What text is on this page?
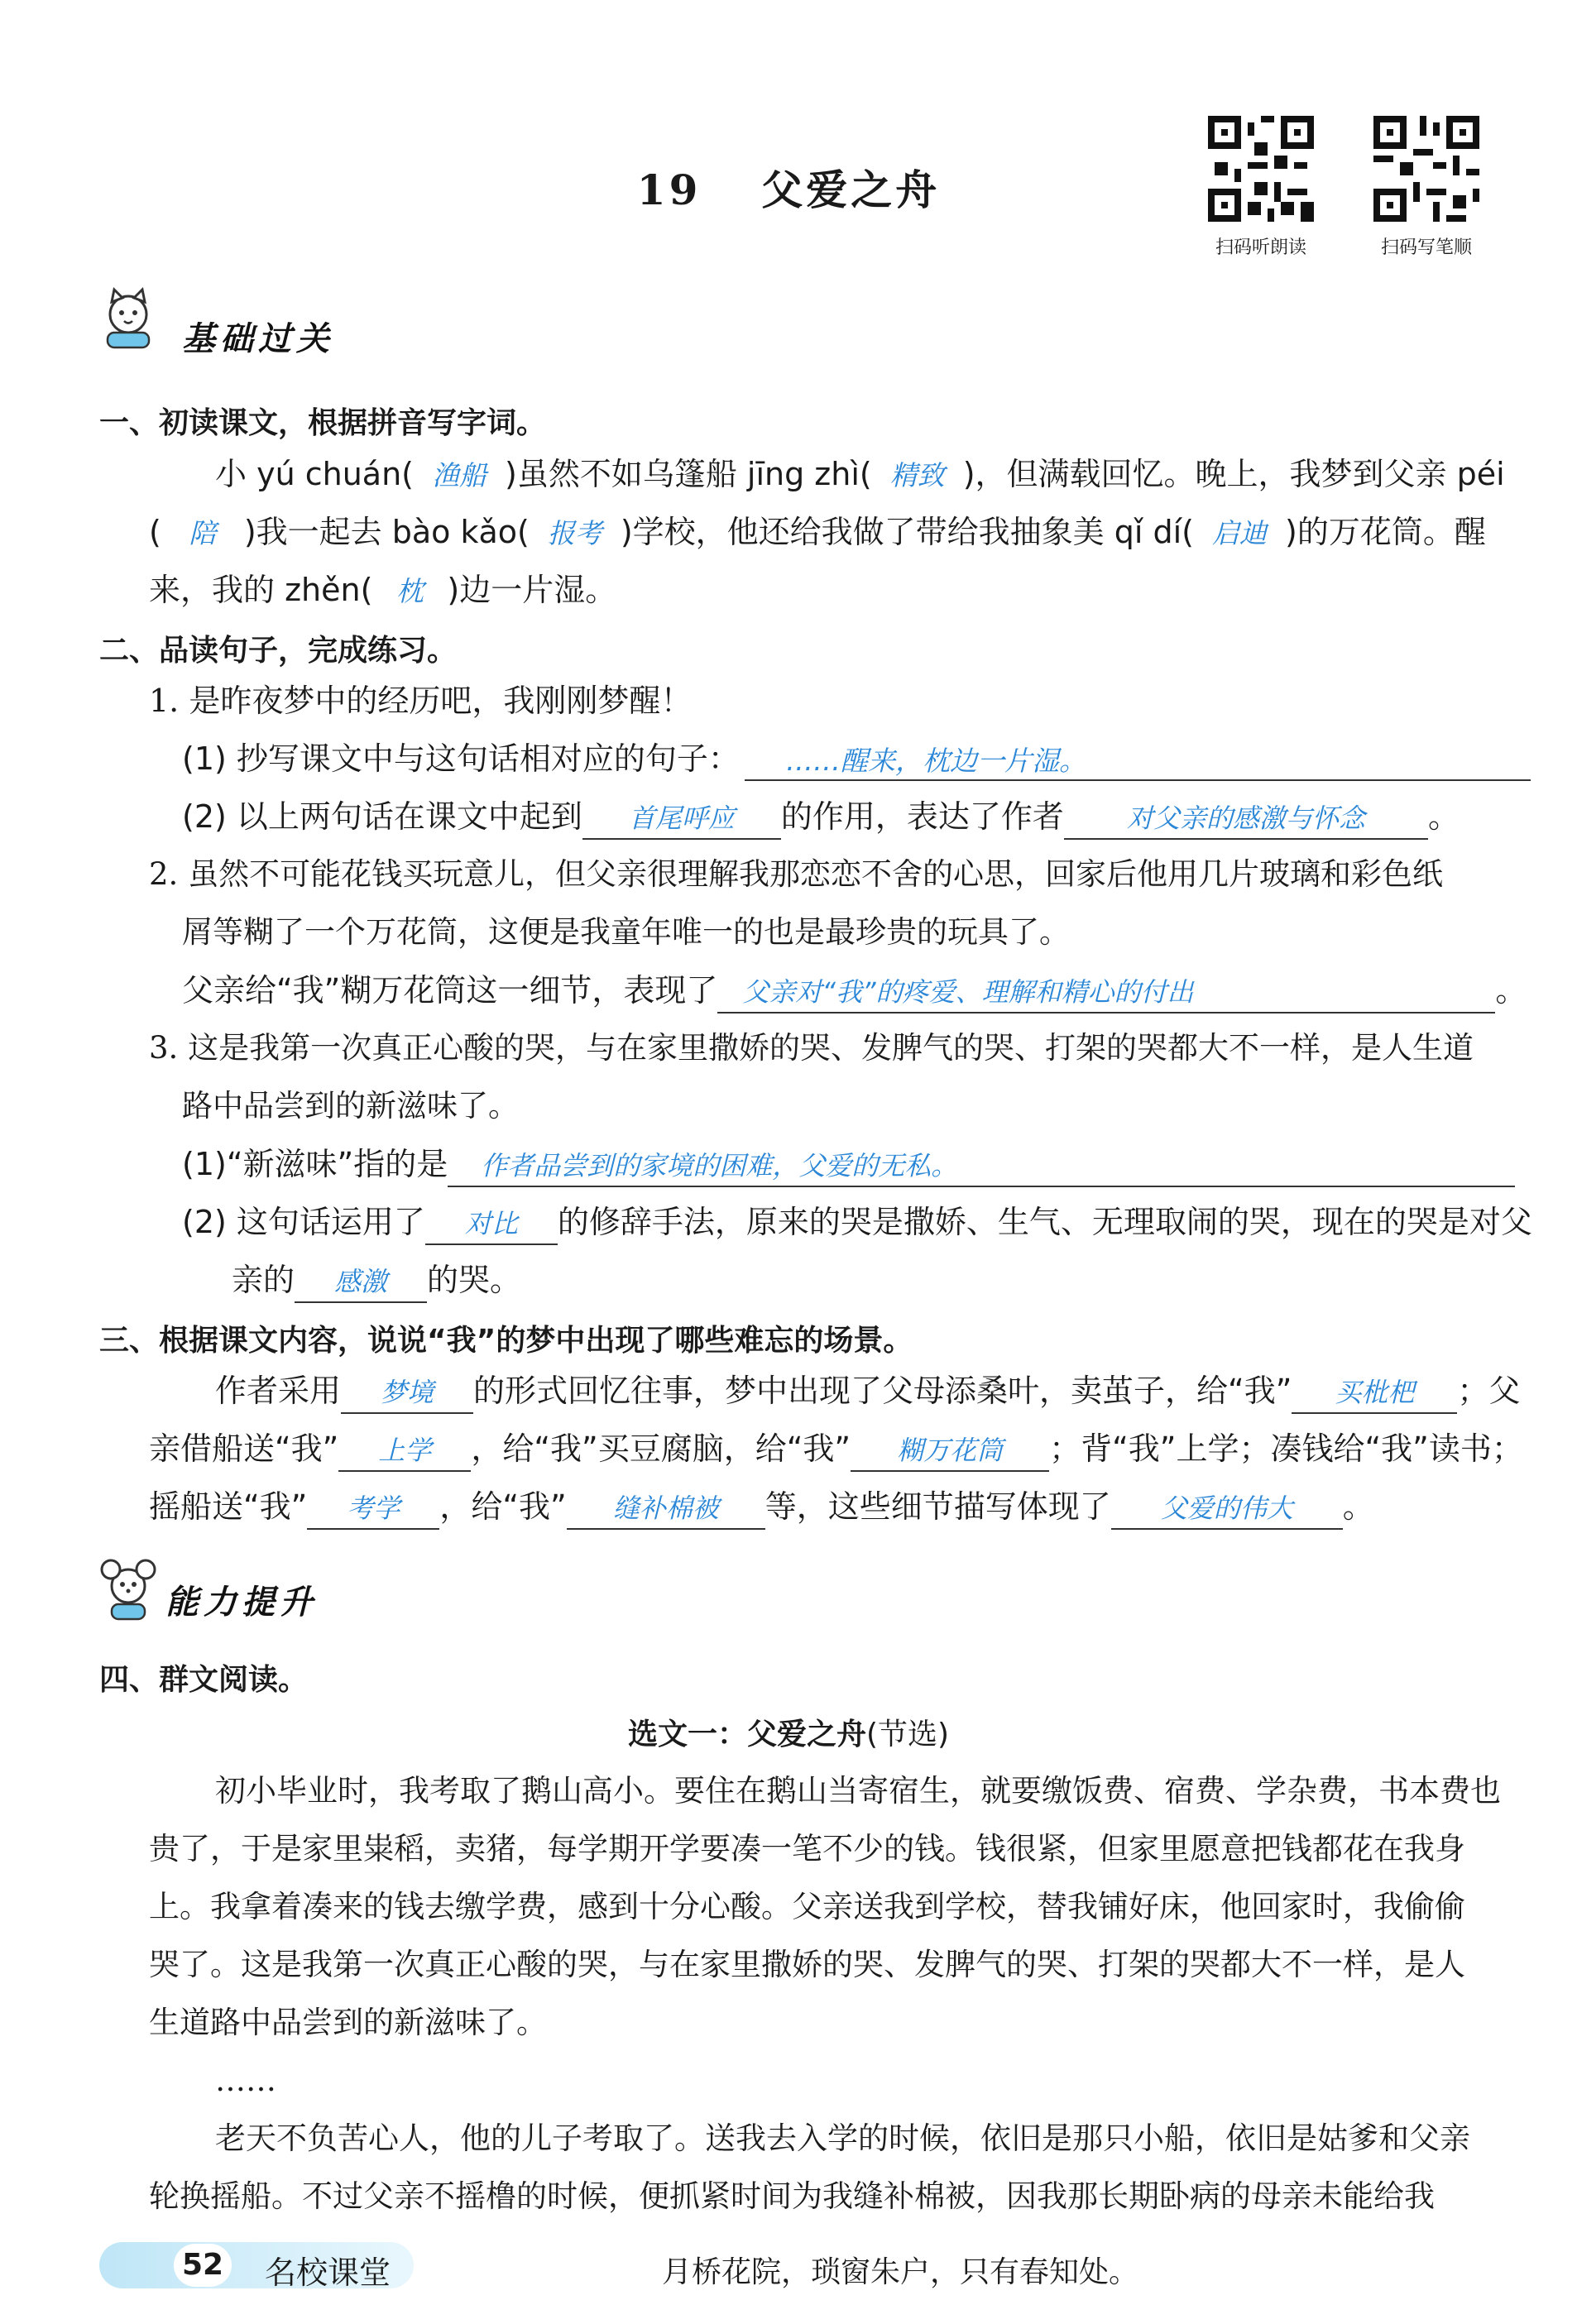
19 父爱之舟
扫码听朗读	扫码写笔顺
基础过关
一、初读课文，根据拼音写字词。
小 yú chuán( 渔船 )虽然不如乌篷船 jīng zhì( 精致 )，但满载回忆。晚上，我梦到父亲 péi
( 陪 )我一起去 bào kǎo( 报考 )学校，他还给我做了带给我抽象美 qǐ dí( 启迪 )的万花筒。醒
来，我的 zhěn( 枕 )边一片湿。
二、品读句子，完成练习。
1. 是昨夜梦中的经历吧，我刚刚梦醒！
(1) 抄写课文中与这句话相对应的句子： ……醒来，枕边一片湿。
(2) 以上两句话在课文中起到 首尾呼应 的作用，表达了作者 对父亲的感激与怀念 。
2. 虽然不可能花钱买玩意儿，但父亲很理解我那恋恋不舍的心思，回家后他用几片玻璃和彩色纸
屑等糊了一个万花筒，这便是我童年唯一的也是最珍贵的玩具了。
父亲给“我”糊万花筒这一细节，表现了 父亲对“我”的疼爱、理解和精心的付出	。
3. 这是我第一次真正心酸的哭，与在家里撒娇的哭、发脾气的哭、打架的哭都大不一样，是人生道
路中品尝到的新滋味了。
(1)“新滋味”指的是 作者品尝到的家境的困难，父爱的无私。
(2) 这句话运用了 对比 的修辞手法，原来的哭是撒娇、生气、无理取闹的哭，现在的哭是对父
亲的 感激 的哭。
三、根据课文内容，说说“我”的梦中出现了哪些难忘的场景。
作者采用 梦境 的形式回忆往事，梦中出现了父母添桑叶，卖茧子，给“我” 买枇杷 ；父
亲借船送“我” 上学 ，给“我”买豆腐脑，给“我” 糊万花筒 ；背“我”上学；凑钱给“我”读书；
摇船送“我” 考学 ，给“我” 缝补棉被 等，这些细节描写体现了 父爱的伟大 。
能力提升
四、群文阅读。
选文一：父爱之舟(节选)
初小毕业时，我考取了鹅山高小。要住在鹅山当寄宿生，就要缴饭费、宿费、学杂费，书本费也
贵了，于是家里粜稻，卖猪，每学期开学要凑一笔不少的钱。钱很紧，但家里愿意把钱都花在我身
上。我拿着凑来的钱去缴学费，感到十分心酸。父亲送我到学校，替我铺好床，他回家时，我偷偷
哭了。这是我第一次真正心酸的哭，与在家里撒娇的哭、发脾气的哭、打架的哭都大不一样，是人
生道路中品尝到的新滋味了。
……
老天不负苦心人，他的儿子考取了。送我去入学的时候，依旧是那只小船，依旧是姑爹和父亲
轮换摇船。不过父亲不摇橹的时候，便抓紧时间为我缝补棉被，因我那长期卧病的母亲未能给我
52 名校课堂	月桥花院，琐窗朱户，只有春知处。
